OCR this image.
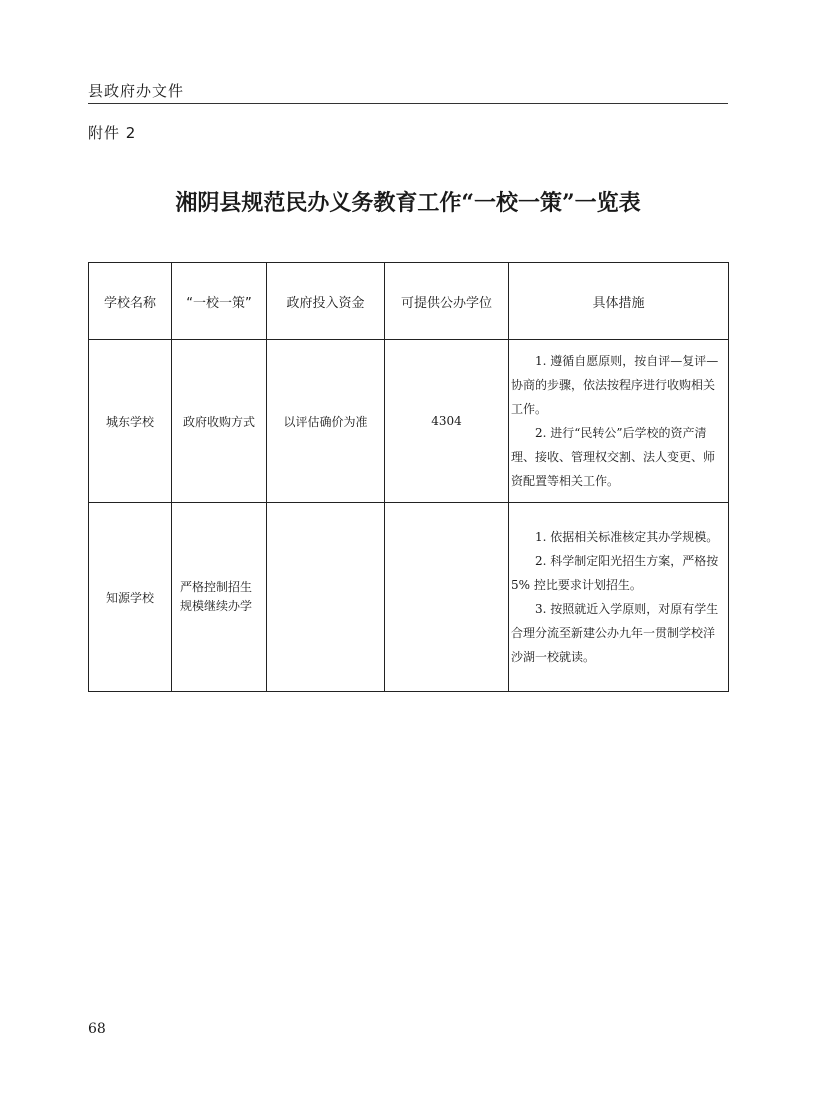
县政府办文件
附件 2
湘阴县规范民办义务教育工作“一校一策”一览表
学校名称	“一校一策”	政府投入资金	可提供公办学位	具体措施
城东学校	政府收购方式	以评估确价为准	4304	1. 遵循自愿原则，按自评—复评—协商的步骤，依法按程序进行收购相关工作。

2. 进行“民转公”后学校的资产清理、接收、管理权交割、法人变更、师资配置等相关工作。

知源学校	严格控制招生规模继续办学			1. 依据相关标准核定其办学规模。

2. 科学制定阳光招生方案，严格按 5% 控比要求计划招生。

3. 按照就近入学原则，对原有学生合理分流至新建公办九年一贯制学校洋沙湖一校就读。

68
